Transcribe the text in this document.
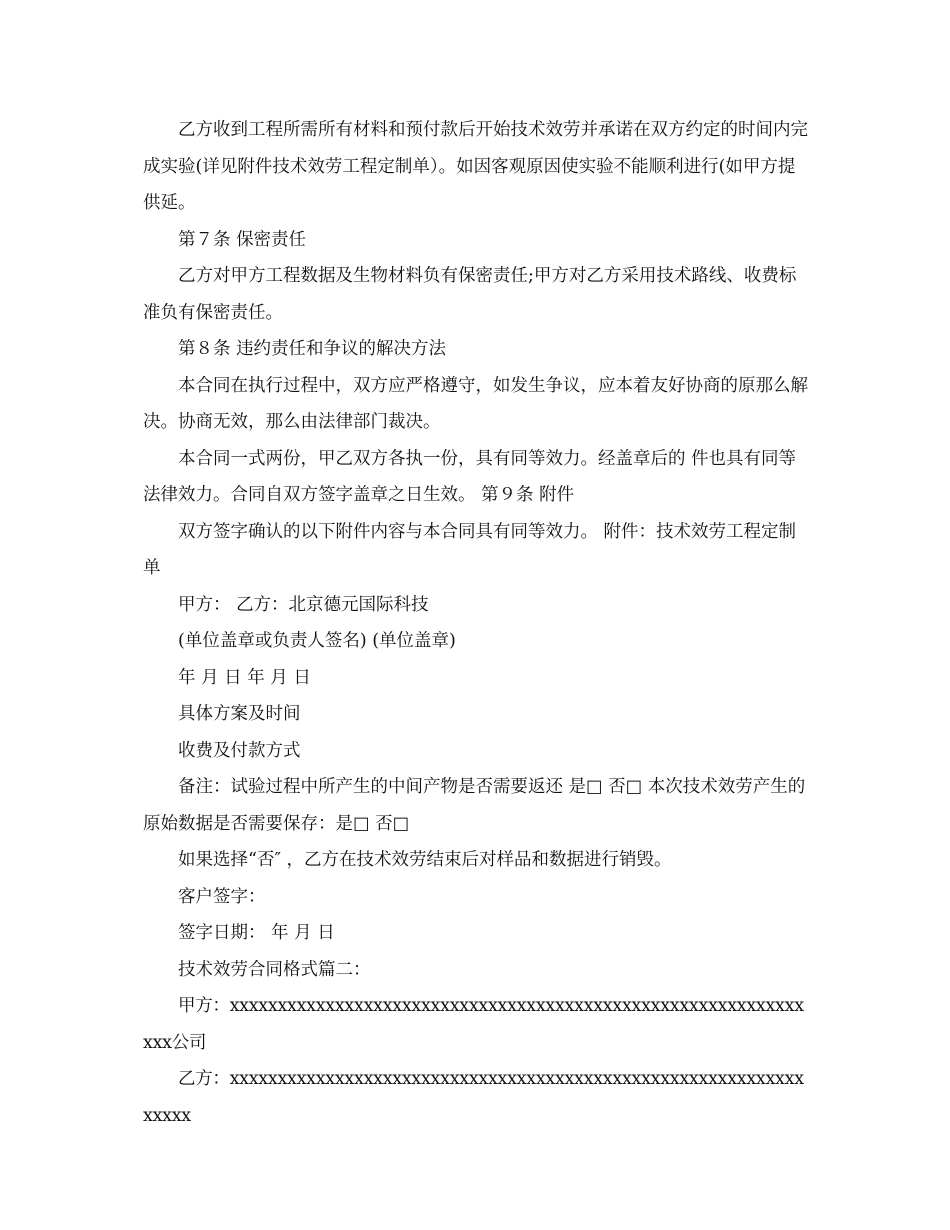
乙方收到工程所需所有材料和预付款后开始技术效劳并承诺在双方约定的时间内完成实验(详见附件技术效劳工程定制单）。如因客观原因使实验不能顺利进行(如甲方提供延。

第７条 保密责任

乙方对甲方工程数据及生物材料负有保密责任;甲方对乙方采用技术路线、收费标准负有保密责任。

第８条 违约责任和争议的解决方法

本合同在执行过程中，双方应严格遵守，如发生争议，应本着友好协商的原那么解决。协商无效，那么由法律部门裁决。

本合同一式两份，甲乙双方各执一份，具有同等效力。经盖章后的 件也具有同等法律效力。合同自双方签字盖章之日生效。 第９条 附件

双方签字确认的以下附件内容与本合同具有同等效力。 附件：技术效劳工程定制单

甲方： 乙方：北京德元国际科技

(单位盖章或负责人签名) (单位盖章)

年 月 日 年 月 日

具体方案及时间

收费及付款方式

备注：试验过程中所产生的中间产物是否需要返还 是□ 否□ 本次技术效劳产生的原始数据是否需要保存：是□ 否□

如果选择“否″ ，乙方在技术效劳结束后对样品和数据进行销毁。

客户签字：

签字日期： 年 月 日

技术效劳合同格式篇二：

甲方：xxxxxxxxxxxxxxxxxxxxxxxxxxxxxxxxxxxxxxxxxxxxxxxxxxxxxxxxxxxxxxx公司

乙方：xxxxxxxxxxxxxxxxxxxxxxxxxxxxxxxxxxxxxxxxxxxxxxxxxxxxxxxxxxxxxxxxx
